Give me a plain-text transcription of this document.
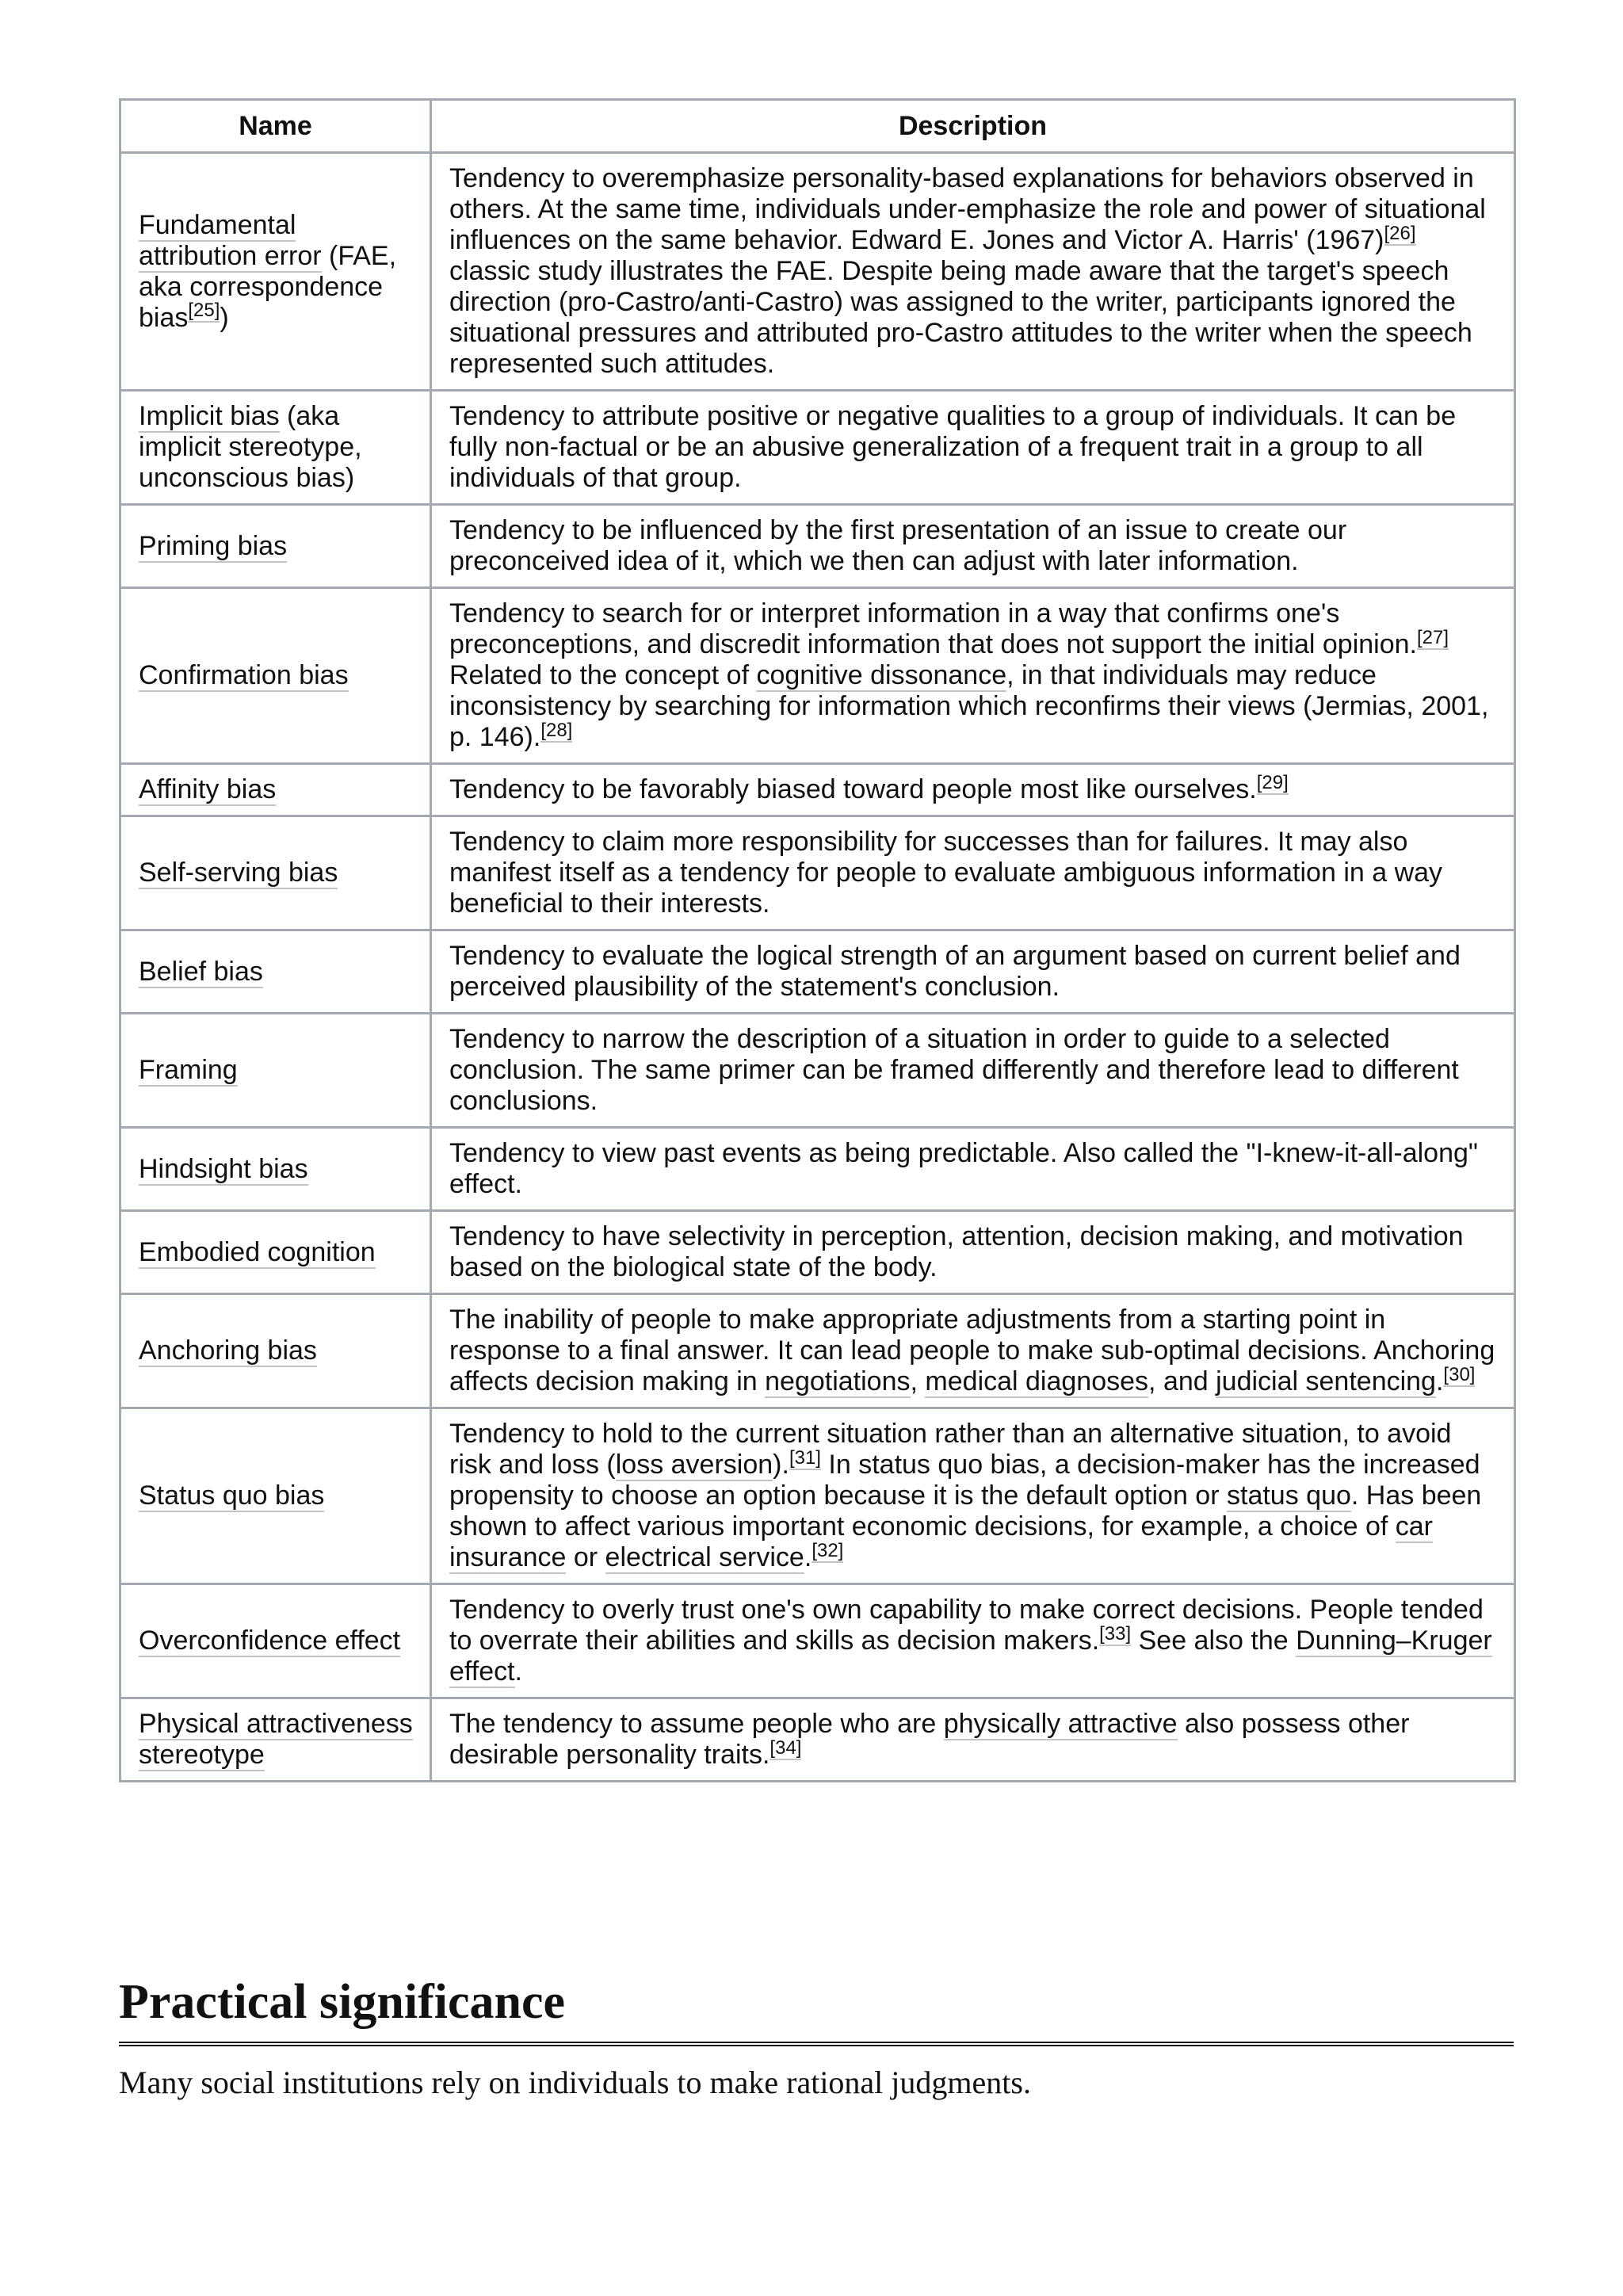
Name	Description
Fundamental attribution error (FAE, aka correspondence bias[25])	Tendency to overemphasize personality-based explanations for behaviors observed in others. At the same time, individuals under-emphasize the role and power of situational influences on the same behavior. Edward E. Jones and Victor A. Harris' (1967)[26] classic study illustrates the FAE. Despite being made aware that the target's speech direction (pro-Castro/anti-Castro) was assigned to the writer, participants ignored the situational pressures and attributed pro-Castro attitudes to the writer when the speech represented such attitudes.
Implicit bias (aka implicit stereotype, unconscious bias)	Tendency to attribute positive or negative qualities to a group of individuals. It can be fully non-factual or be an abusive generalization of a frequent trait in a group to all individuals of that group.
Priming bias	Tendency to be influenced by the first presentation of an issue to create our preconceived idea of it, which we then can adjust with later information.
Confirmation bias	Tendency to search for or interpret information in a way that confirms one's preconceptions, and discredit information that does not support the initial opinion.[27] Related to the concept of cognitive dissonance, in that individuals may reduce inconsistency by searching for information which reconfirms their views (Jermias, 2001, p. 146).[28]
Affinity bias	Tendency to be favorably biased toward people most like ourselves.[29]
Self-serving bias	Tendency to claim more responsibility for successes than for failures. It may also manifest itself as a tendency for people to evaluate ambiguous information in a way beneficial to their interests.
Belief bias	Tendency to evaluate the logical strength of an argument based on current belief and perceived plausibility of the statement's conclusion.
Framing	Tendency to narrow the description of a situation in order to guide to a selected conclusion. The same primer can be framed differently and therefore lead to different conclusions.
Hindsight bias	Tendency to view past events as being predictable. Also called the "I-knew-it-all-along" effect.
Embodied cognition	Tendency to have selectivity in perception, attention, decision making, and motivation based on the biological state of the body.
Anchoring bias	The inability of people to make appropriate adjustments from a starting point in response to a final answer. It can lead people to make sub-optimal decisions. Anchoring affects decision making in negotiations, medical diagnoses, and judicial sentencing.[30]
Status quo bias	Tendency to hold to the current situation rather than an alternative situation, to avoid risk and loss (loss aversion).[31] In status quo bias, a decision-maker has the increased propensity to choose an option because it is the default option or status quo. Has been shown to affect various important economic decisions, for example, a choice of car insurance or electrical service.[32]
Overconfidence effect	Tendency to overly trust one's own capability to make correct decisions. People tended to overrate their abilities and skills as decision makers.[33] See also the Dunning–Kruger effect.
Physical attractiveness stereotype	The tendency to assume people who are physically attractive also possess other desirable personality traits.[34]
Practical significance

Many social institutions rely on individuals to make rational judgments.
